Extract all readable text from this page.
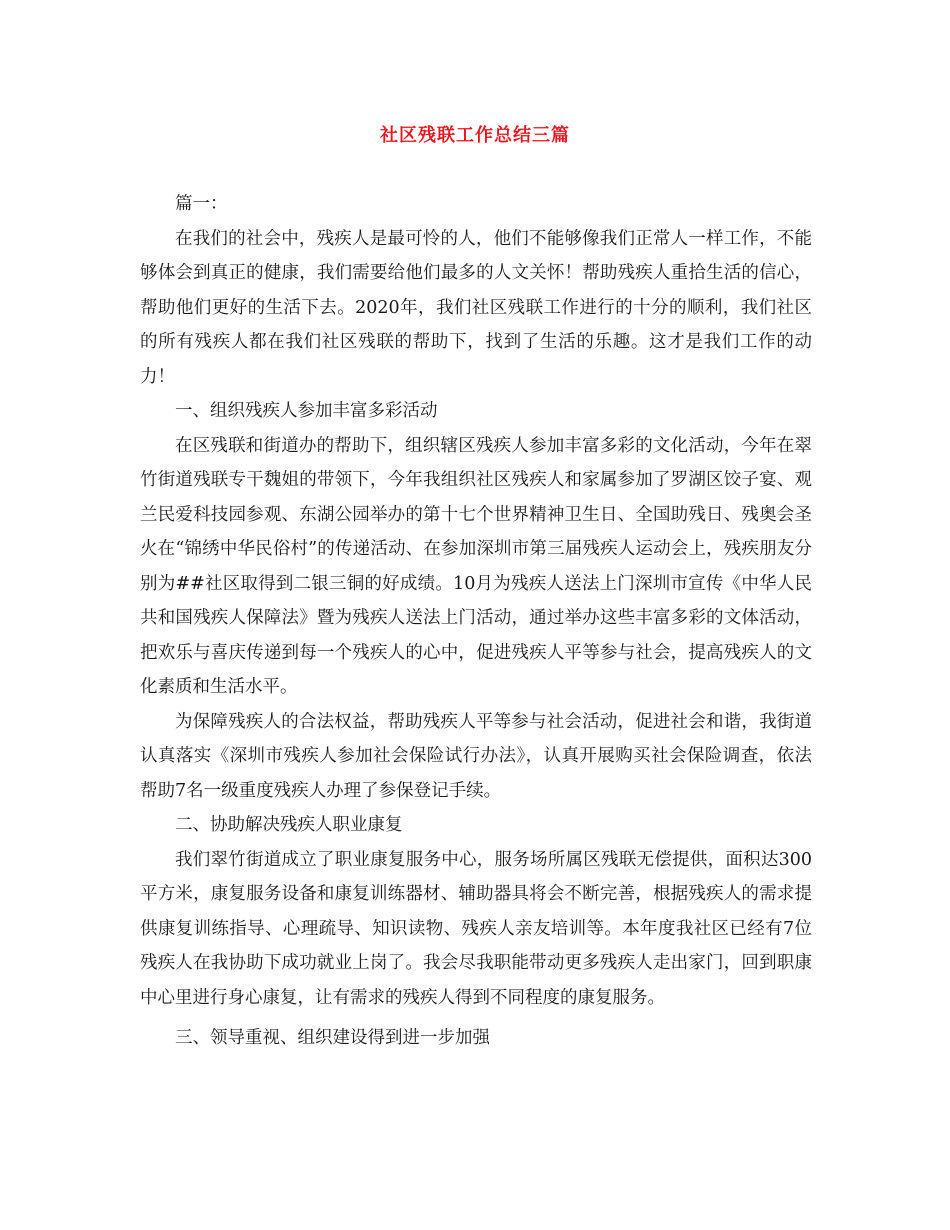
社区残联工作总结三篇

篇一：

在我们的社会中，残疾人是最可怜的人，他们不能够像我们正常人一样工作，不能够体会到真正的健康，我们需要给他们最多的人文关怀！帮助残疾人重拾生活的信心，帮助他们更好的生活下去。2020年，我们社区残联工作进行的十分的顺利，我们社区的所有残疾人都在我们社区残联的帮助下，找到了生活的乐趣。这才是我们工作的动力！

一、组织残疾人参加丰富多彩活动

在区残联和街道办的帮助下，组织辖区残疾人参加丰富多彩的文化活动，今年在翠竹街道残联专干魏姐的带领下，今年我组织社区残疾人和家属参加了罗湖区饺子宴、观兰民爱科技园参观、东湖公园举办的第十七个世界精神卫生日、全国助残日、残奥会圣火在“锦绣中华民俗村”的传递活动、在参加深圳市第三届残疾人运动会上，残疾朋友分别为##社区取得到二银三铜的好成绩。10月为残疾人送法上门深圳市宣传《中华人民共和国残疾人保障法》暨为残疾人送法上门活动，通过举办这些丰富多彩的文体活动，把欢乐与喜庆传递到每一个残疾人的心中，促进残疾人平等参与社会，提高残疾人的文化素质和生活水平。

为保障残疾人的合法权益，帮助残疾人平等参与社会活动，促进社会和谐，我街道认真落实《深圳市残疾人参加社会保险试行办法》，认真开展购买社会保险调查，依法帮助7名一级重度残疾人办理了参保登记手续。

二、协助解决残疾人职业康复

我们翠竹街道成立了职业康复服务中心，服务场所属区残联无偿提供，面积达300平方米，康复服务设备和康复训练器材、辅助器具将会不断完善，根据残疾人的需求提供康复训练指导、心理疏导、知识读物、残疾人亲友培训等。本年度我社区已经有7位残疾人在我协助下成功就业上岗了。我会尽我职能带动更多残疾人走出家门，回到职康中心里进行身心康复，让有需求的残疾人得到不同程度的康复服务。

三、领导重视、组织建设得到进一步加强
